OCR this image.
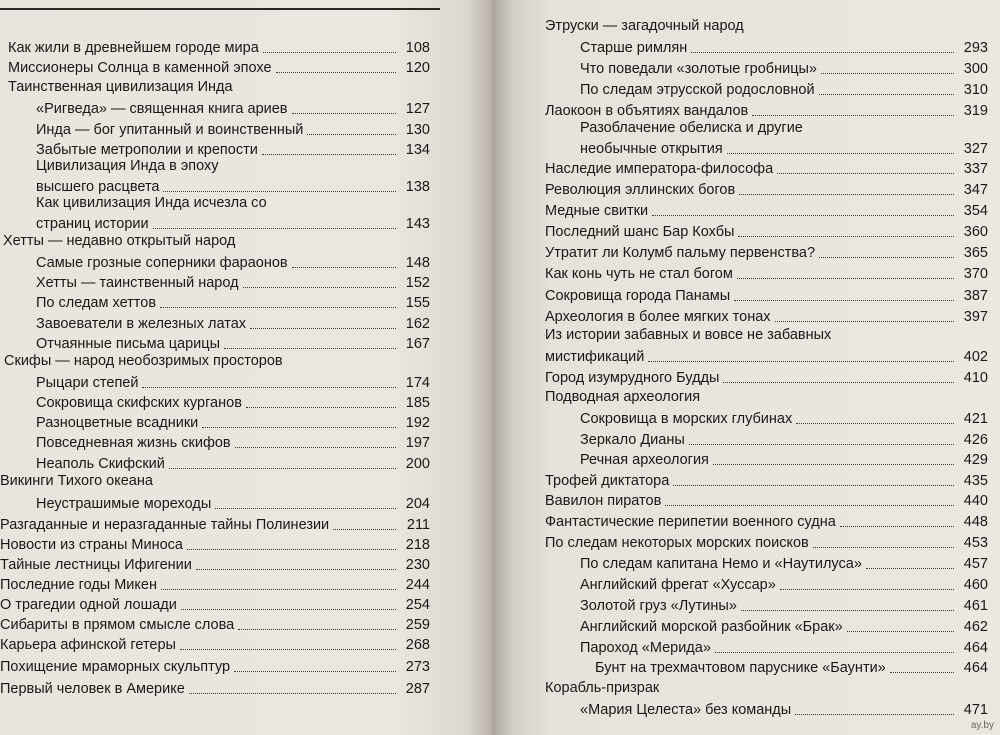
Как жили в древнейшем городе мира	108
Миссионеры Солнца в каменной эпохе	120
Таинственная цивилизация Инда
«Ригведа» — священная книга ариев	127
Инда — бог упитанный и воинственный	130
Забытые метрополии и крепости	134
Цивилизация Инда в эпоху
высшего расцвета	138
Как цивилизация Инда исчезла со
страниц истории	143
Хетты — недавно открытый народ
Самые грозные соперники фараонов	148
Хетты — таинственный народ	152
По следам хеттов	155
Завоеватели в железных латах	162
Отчаянные письма царицы	167
Скифы — народ необозримых просторов
Рыцари степей	174
Сокровища скифских курганов	185
Разноцветные всадники	192
Повседневная жизнь скифов	197
Неаполь Скифский	200
Викинги Тихого океана
Неустрашимые мореходы	204
Разгаданные и неразгаданные тайны Полинезии	211
Новости из страны Миноса	218
Тайные лестницы Ифигении	230
Последние годы Микен	244
О трагедии одной лошади	254
Сибариты в прямом смысле слова	259
Карьера афинской гетеры	268
Похищение мраморных скульптур	273
Первый человек в Америке	287
Этруски — загадочный народ
Старше римлян	293
Что поведали «золотые гробницы»	300
По следам этрусской родословной	310
Лаокоон в объятиях вандалов	319
Разоблачение обелиска и другие
необычные открытия	327
Наследие императора-философа	337
Революция эллинских богов	347
Медные свитки	354
Последний шанс Бар Кохбы	360
Утратит ли Колумб пальму первенства?	365
Как конь чуть не стал богом	370
Сокровища города Панамы	387
Археология в более мягких тонах	397
Из истории забавных и вовсе не забавных
мистификаций	402
Город изумрудного Будды	410
Подводная археология
Сокровища в морских глубинах	421
Зеркало Дианы	426
Речная археология	429
Трофей диктатора	435
Вавилон пиратов	440
Фантастические перипетии военного судна	448
По следам некоторых морских поисков	453
По следам капитана Немо и «Наутилуса»	457
Английский фрегат «Хуссар»	460
Золотой груз «Лутины»	461
Английский морской разбойник «Брак»	462
Пароход «Мерида»	464
Бунт на трехмачтовом паруснике «Баунти»	464
Корабль-призрак
«Мария Целеста» без команды	471
ay.by
